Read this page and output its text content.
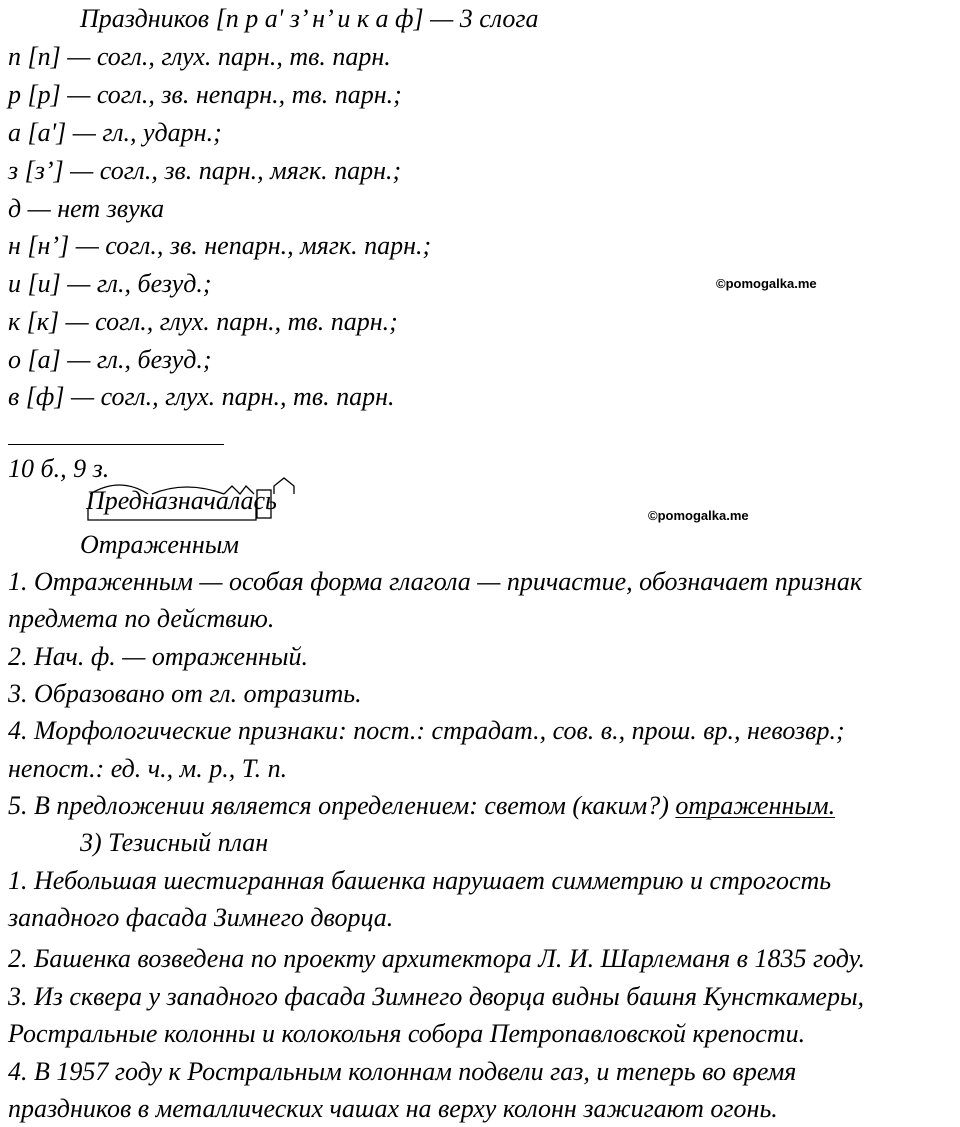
Праздников [п р а' з’ н’ и к а ф] — 3 слога
п [п] — согл., глух. парн., тв. парн.
р [р] — согл., зв. непарн., тв. парн.;
а [а'] — гл., ударн.;
з [з’] — согл., зв. парн., мягк. парн.;
д — нет звука
н [н’] — согл., зв. непарн., мягк. парн.;
и [и] — гл., безуд.;
к [к] — согл., глух. парн., тв. парн.;
о [а] — гл., безуд.;
в [ф] — согл., глух. парн., тв. парн.
©pomogalka.me
10 б., 9 з.
Предназначалась
©pomogalka.me
Отраженным
1. Отраженным — особая форма глагола — причастие, обозначает признак
предмета по действию.
2. Нач. ф. — отраженный.
3. Образовано от гл. отразить.
4. Морфологические признаки: пост.: страдат., сов. в., прош. вр., невозвр.;
непост.: ед. ч., м. р., Т. п.
5. В предложении является определением: светом (каким?) отраженным.
3) Тезисный план
1. Небольшая шестигранная башенка нарушает симметрию и строгость
западного фасада Зимнего дворца.
2. Башенка возведена по проекту архитектора Л. И. Шарлеманя в 1835 году.
3. Из сквера у западного фасада Зимнего дворца видны башня Кунсткамеры,
Ростральные колонны и колокольня собора Петропавловской крепости.
4. В 1957 году к Ростральным колоннам подвели газ, и теперь во время
праздников в металлических чашах на верху колонн зажигают огонь.
